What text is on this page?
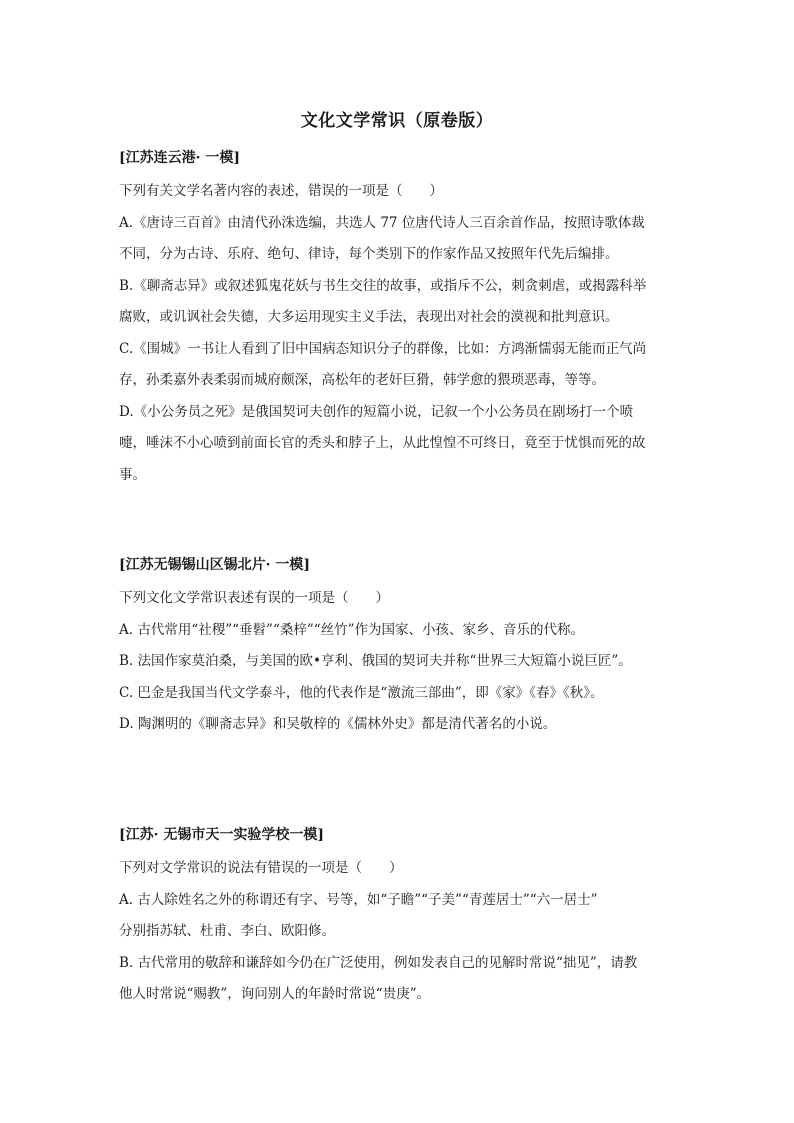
文化文学常识（原卷版）
[江苏连云港· 一模]
下列有关文学名著内容的表述，错误的一项是（　　）
A.《唐诗三百首》由清代孙洙选编，共选人 77 位唐代诗人三百余首作品，按照诗歌体裁
不同，分为古诗、乐府、绝句、律诗，每个类别下的作家作品又按照年代先后编排。
B.《聊斋志异》或叙述狐鬼花妖与书生交往的故事，或指斥不公，刺贪刺虐，或揭露科举
腐败，或讥讽社会失德，大多运用现实主义手法，表现出对社会的漠视和批判意识。
C.《围城》一书让人看到了旧中国病态知识分子的群像，比如：方鸿渐懦弱无能而正气尚
存，孙柔嘉外表柔弱而城府颇深，高松年的老奸巨猾，韩学愈的猥琐恶毒，等等。
D.《小公务员之死》是俄国契诃夫创作的短篇小说，记叙一个小公务员在剧场打一个喷
嚏，唾沫不小心喷到前面长官的秃头和脖子上，从此惶惶不可终日，竟至于忧惧而死的故
事。
[江苏无锡锡山区锡北片· 一模]
下列文化文学常识表述有误的一项是（　　）
A. 古代常用“社稷”“垂髫”“桑梓”“丝竹”作为国家、小孩、家乡、音乐的代称。
B. 法国作家莫泊桑，与美国的欧•亨利、俄国的契诃夫并称“世界三大短篇小说巨匠”。
C. 巴金是我国当代文学泰斗，他的代表作是“激流三部曲”，即《家》《春》《秋》。
D. 陶渊明的《聊斋志异》和吴敬梓的《儒林外史》都是清代著名的小说。
[江苏· 无锡市天一实验学校一模]
下列对文学常识的说法有错误的一项是（　　）
A. 古人除姓名之外的称谓还有字、号等，如“子瞻”“子美”“青莲居士”“六一居士”
分别指苏轼、杜甫、李白、欧阳修。
B. 古代常用的敬辞和谦辞如今仍在广泛使用，例如发表自己的见解时常说“拙见”，请教
他人时常说“赐教”，询问别人的年龄时常说“贵庚”。
